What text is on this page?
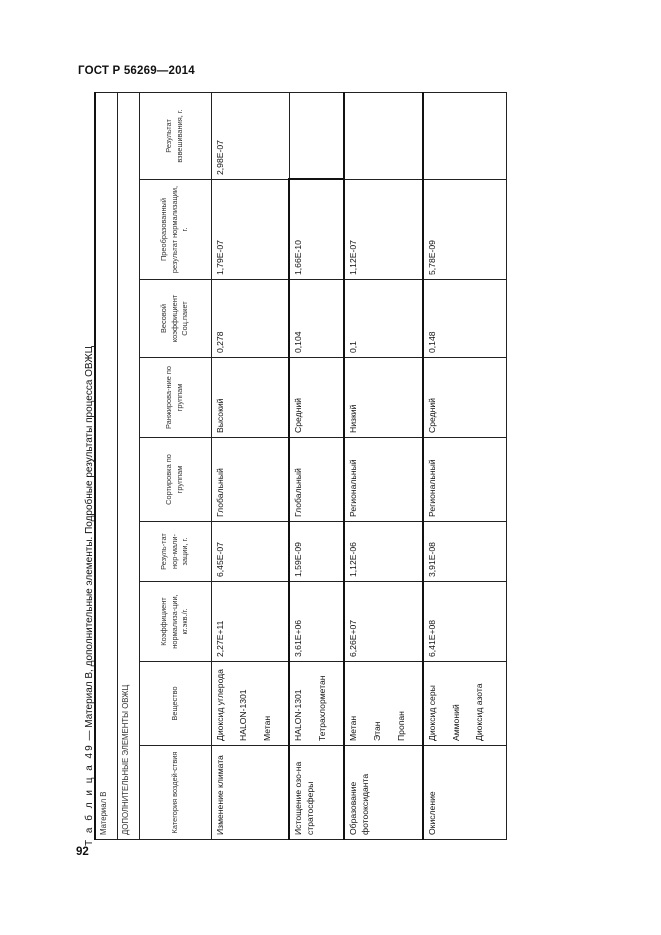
ГОСТ Р 56269—2014
Т а б л и ц а 49 — Материал В, дополнительные элементы. Подробные результаты процесса ОВЖЦ
Материал В								
ДОПОЛНИТЕЛЬНЫЕ ЭЛЕМЕНТЫ ОВЖЦ								
Категория воздей-ствия	Вещество	Коэффициент нормализа-ции, кг.экв./г.	Резуль-тат нор-мали-зации, г.	Сортировка по группам	Ранжирова-ние по группам	Весовой коэффициент Соц.пакет	Преобразованный результат нормализации, г.	Результат взвешивания, г.
Изменение климата	Диоксид углерода HALON-1301 Метан	2,27E+11	6,45E-07	Глобальный	Высокий	0,278	1,79E-07	2,98E-07
Истощение озо-на стратосферы	HALON-1301 Тетрахлорметан	3,61E+06	1,59E-09	Глобальный	Средний	0,104	1,66E-10	
Образование фотооксиданта	Метан Этан Пропан	6,26E+07	1,12E-06	Региональный	Низкий	0,1	1,12E-07	
Окисление	Диоксид серы Аммоний Диоксид азота	6,41E+08	3,91E-08	Региональный	Средний	0,148	5,78E-09	
92
